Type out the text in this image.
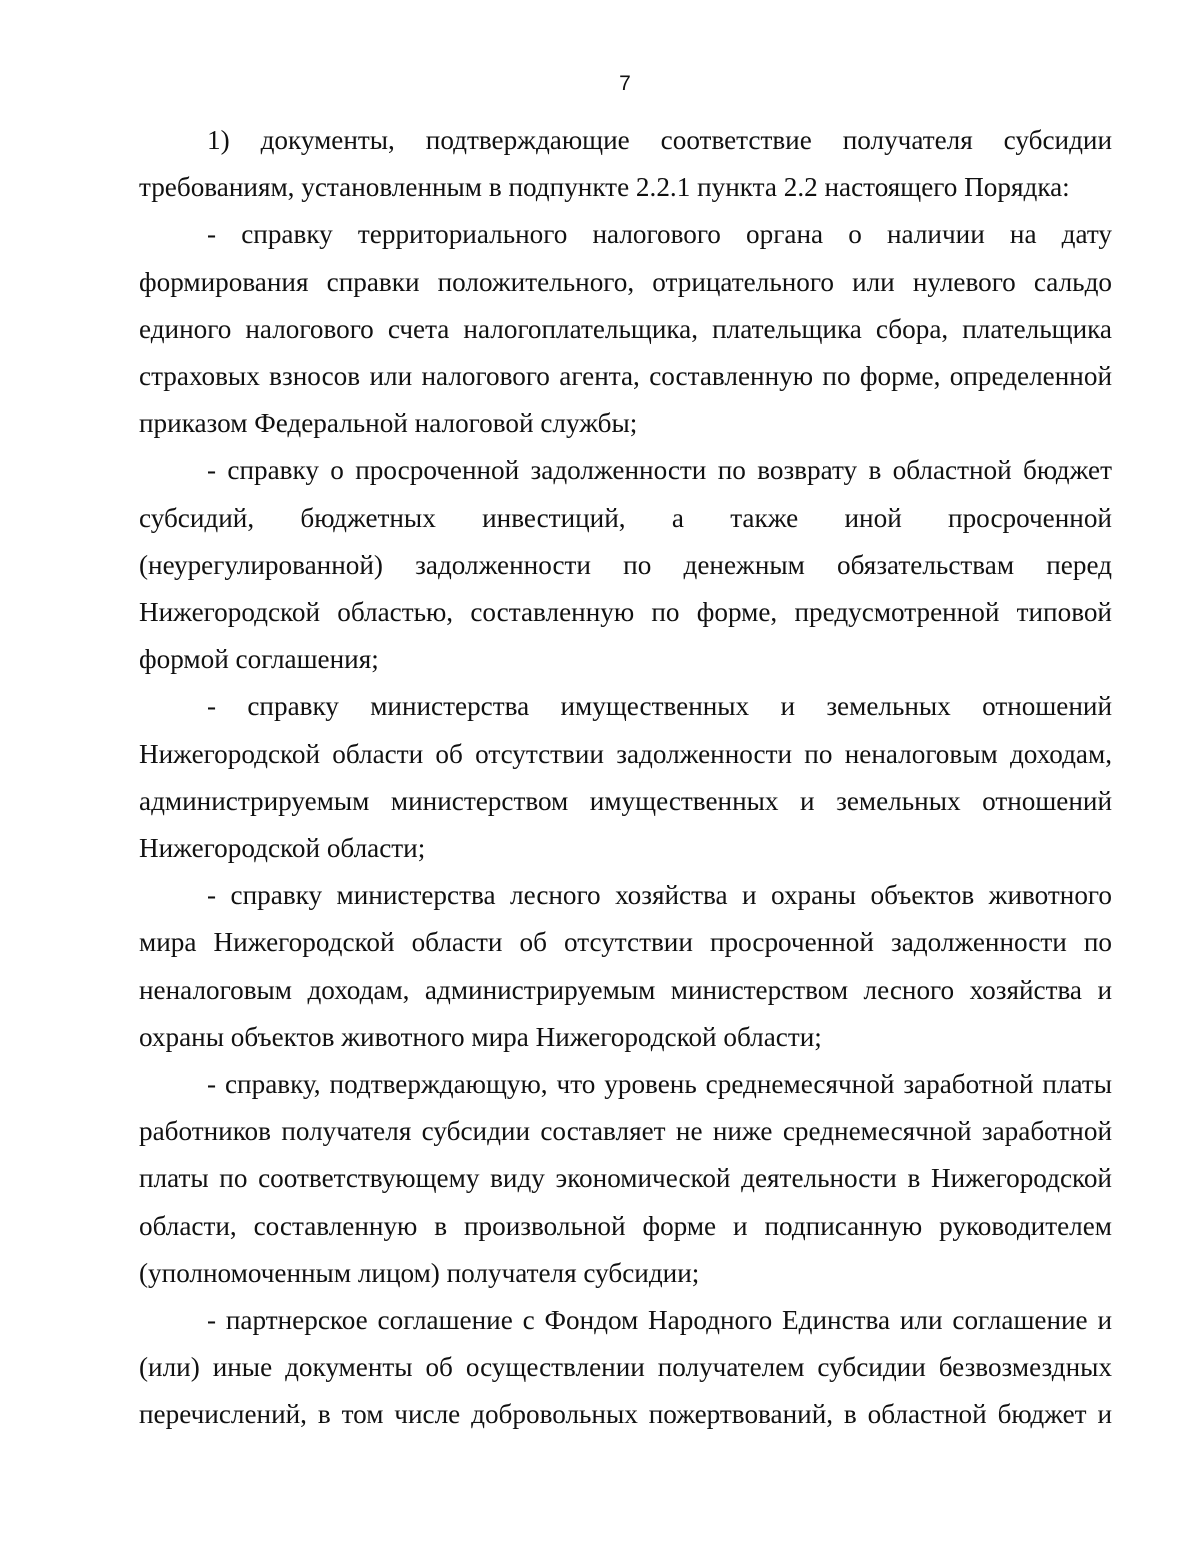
7

1) документы, подтверждающие соответствие получателя субсидии требованиям, установленным в подпункте 2.2.1 пункта 2.2 настоящего Порядка:

- справку территориального налогового органа о наличии на дату формирования справки положительного, отрицательного или нулевого сальдо единого налогового счета налогоплательщика, плательщика сбора, плательщика страховых взносов или налогового агента, составленную по форме, определенной приказом Федеральной налоговой службы;

- справку о просроченной задолженности по возврату в областной бюджет субсидий, бюджетных инвестиций, а также иной просроченной (неурегулированной) задолженности по денежным обязательствам перед Нижегородской областью, составленную по форме, предусмотренной типовой формой соглашения;

- справку министерства имущественных и земельных отношений Нижегородской области об отсутствии задолженности по неналоговым доходам, администрируемым министерством имущественных и земельных отношений Нижегородской области;

- справку министерства лесного хозяйства и охраны объектов животного мира Нижегородской области об отсутствии просроченной задолженности по неналоговым доходам, администрируемым министерством лесного хозяйства и охраны объектов животного мира Нижегородской области;

- справку, подтверждающую, что уровень среднемесячной заработной платы работников получателя субсидии составляет не ниже среднемесячной заработной платы по соответствующему виду экономической деятельности в Нижегородской области, составленную в произвольной форме и подписанную руководителем (уполномоченным лицом) получателя субсидии;

- партнерское соглашение с Фондом Народного Единства или соглашение и (или) иные документы об осуществлении получателем субсидии безвозмездных перечислений, в том числе добровольных пожертвований, в областной бюджет и
